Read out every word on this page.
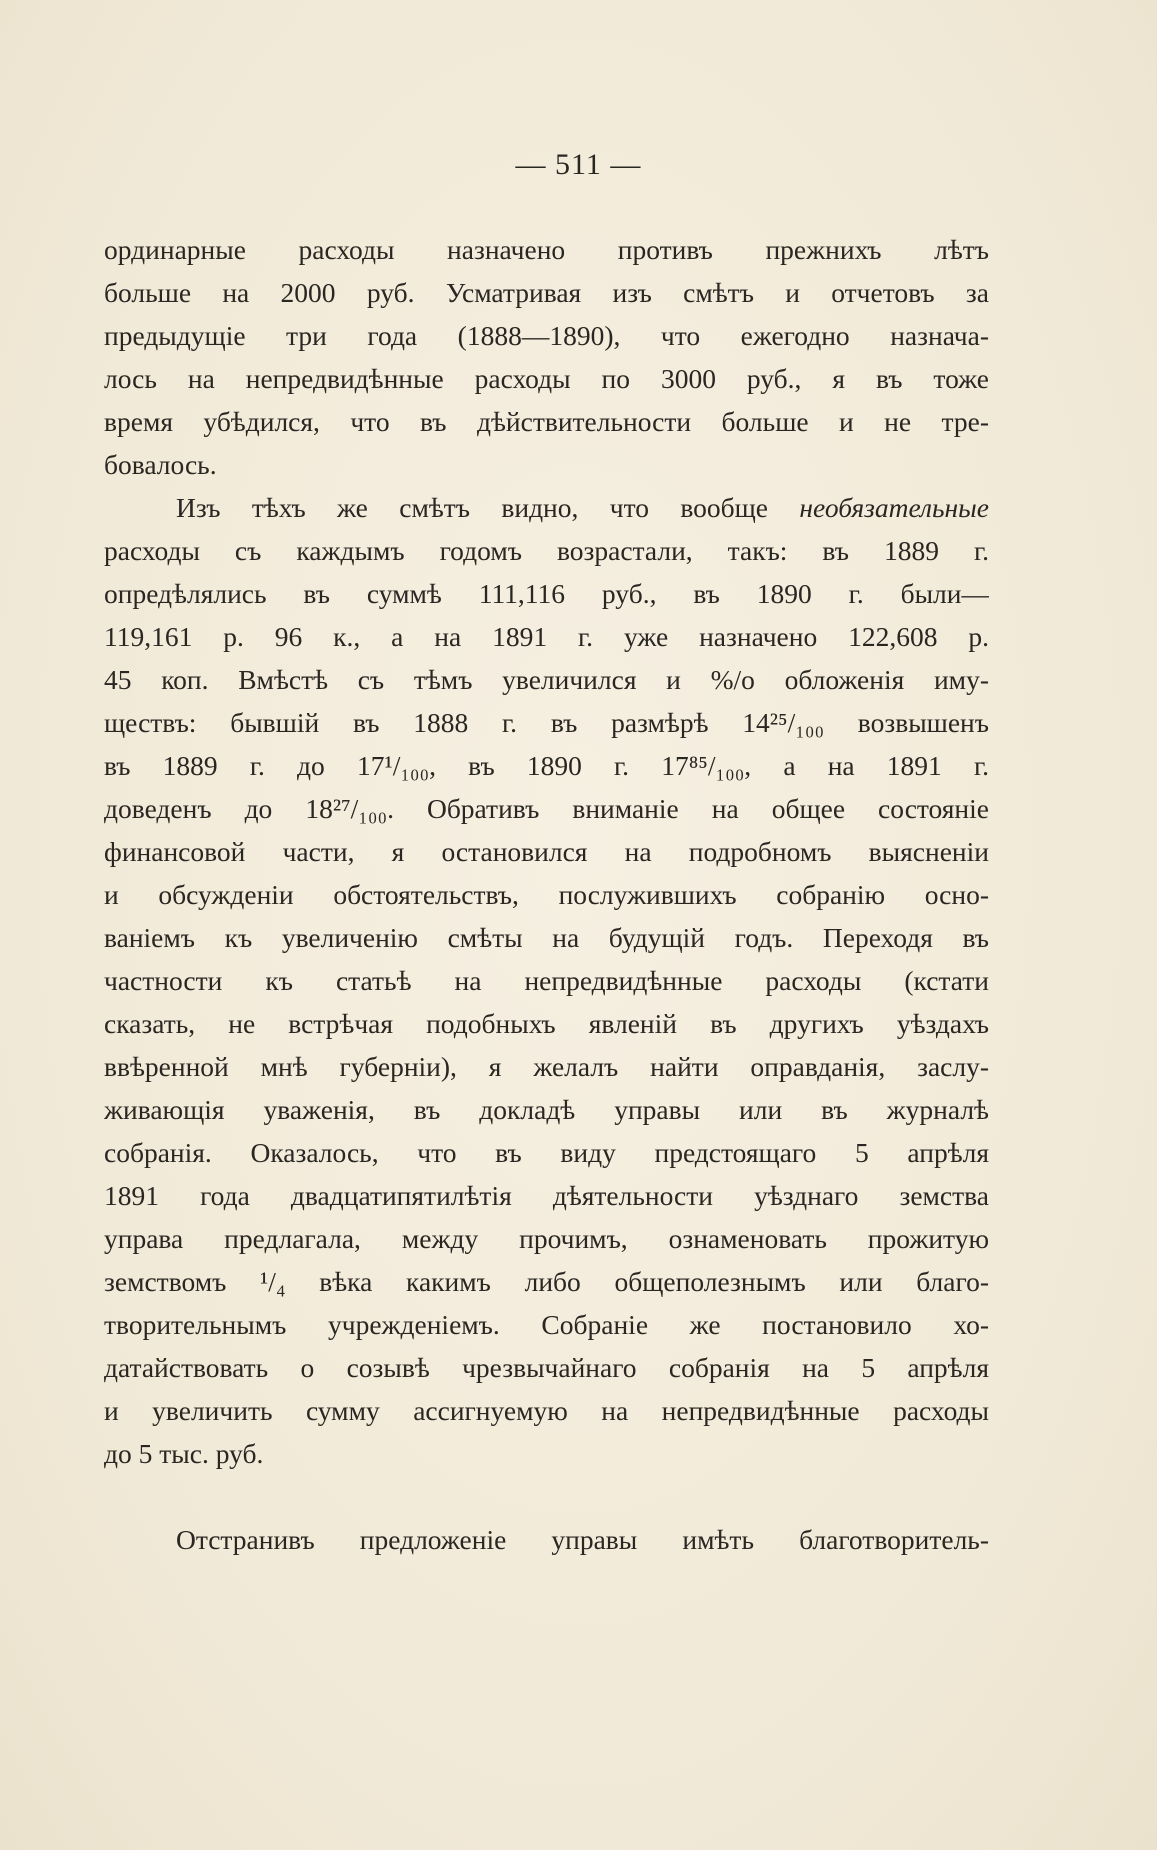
— 511 —
ординарные расходы назначено противъ прежнихъ лѣтъ
больше на 2000 руб. Усматривая изъ смѣтъ и отчетовъ за
предыдущіе три года (1888—1890), что ежегодно назнача-
лось на непредвидѣнные расходы по 3000 руб., я въ тоже
время убѣдился, что въ дѣйствительности больше и не тре-
бовалось.
Изъ тѣхъ же смѣтъ видно, что вообще необязательные
расходы съ каждымъ годомъ возрастали, такъ: въ 1889 г.
опредѣлялись въ суммѣ 111,116 руб., въ 1890 г. были—
119,161 р. 96 к., а на 1891 г. уже назначено 122,608 р.
45 коп. Вмѣстѣ съ тѣмъ увеличился и %/o обложенія иму-
ществъ: бывшій въ 1888 г. въ размѣрѣ 14²⁵/₁₀₀ возвышенъ
въ 1889 г. до 17¹/₁₀₀, въ 1890 г. 17⁸⁵/₁₀₀, а на 1891 г.
доведенъ до 18²⁷/₁₀₀. Обративъ вниманіе на общее состояніе
финансовой части, я остановился на подробномъ выясненіи
и обсужденіи обстоятельствъ, послужившихъ собранію осно-
ваніемъ къ увеличенію смѣты на будущій годъ. Переходя въ
частности къ статьѣ на непредвидѣнные расходы (кстати
сказать, не встрѣчая подобныхъ явленій въ другихъ уѣздахъ
ввѣренной мнѣ губерніи), я желалъ найти оправданія, заслу-
живающія уваженія, въ докладѣ управы или въ журналѣ
собранія. Оказалось, что въ виду предстоящаго 5 апрѣля
1891 года двадцатипятилѣтія дѣятельности уѣзднаго земства
управа предлагала, между прочимъ, ознаменовать прожитую
земствомъ ¹/₄ вѣка какимъ либо общеполезнымъ или благо-
творительнымъ учрежденіемъ. Собраніе же постановило хо-
датайствовать о созывѣ чрезвычайнаго собранія на 5 апрѣля
и увеличить сумму ассигнуемую на непредвидѣнные расходы
до 5 тыс. руб.
Отстранивъ предложеніе управы имѣть благотворитель-
